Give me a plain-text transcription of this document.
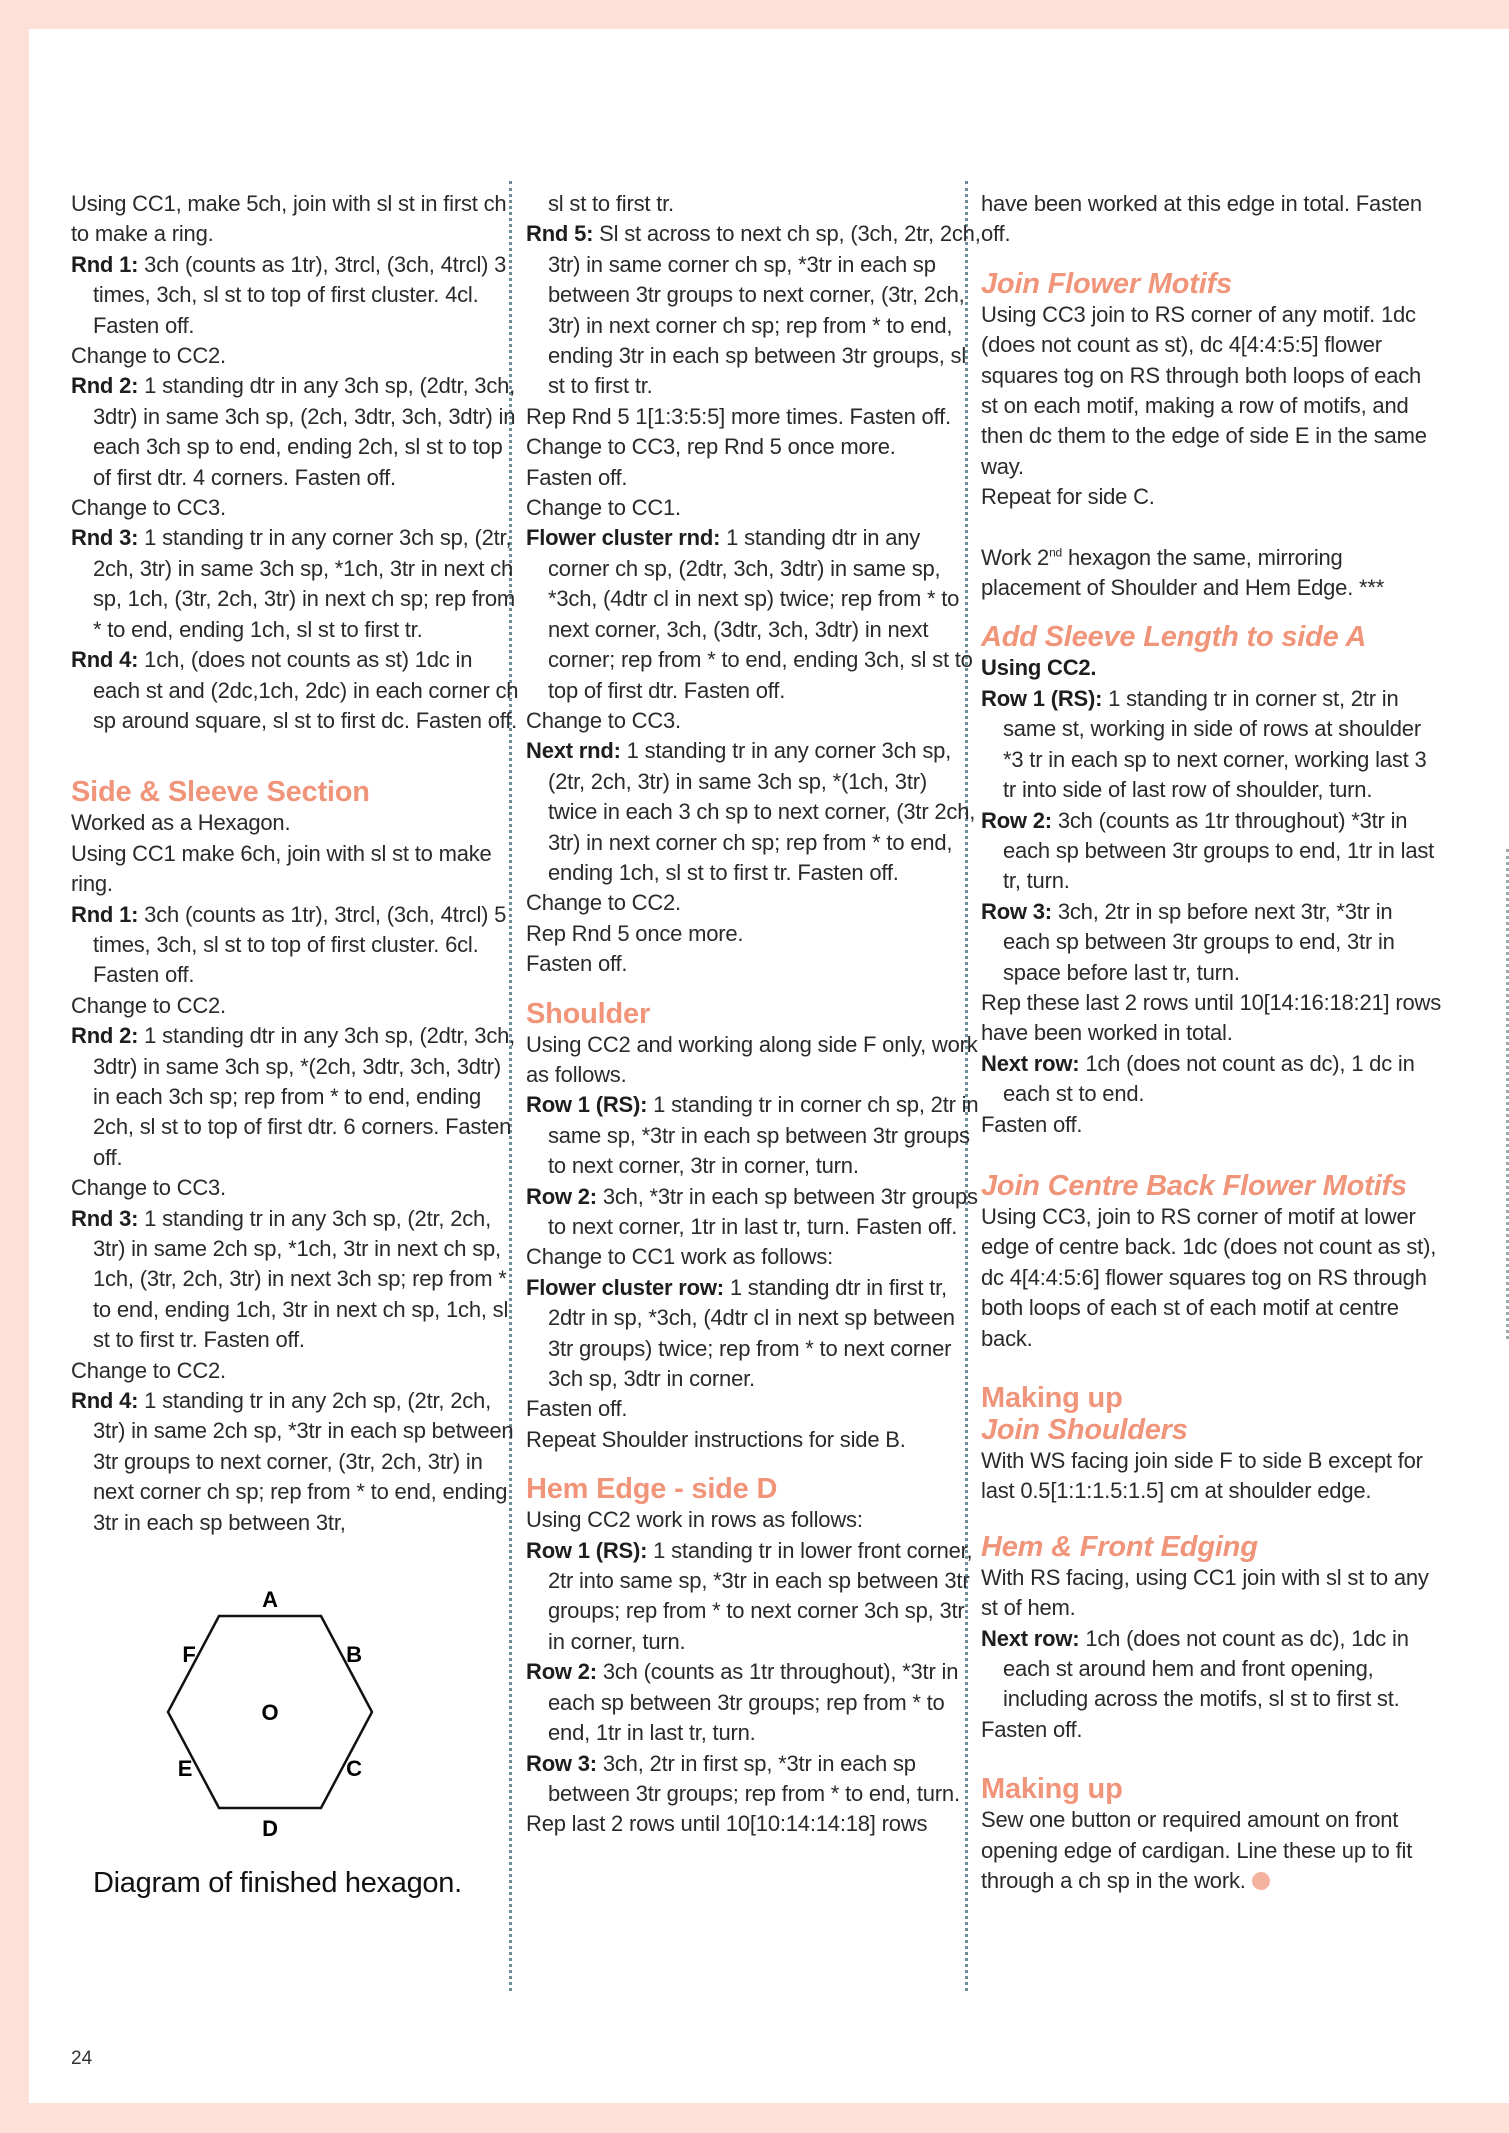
Using CC1, make 5ch, join with sl st in first ch to make a ring.

Rnd 1: 3ch (counts as 1tr), 3trcl, (3ch, 4trcl) 3 times, 3ch, sl st to top of first cluster. 4cl. Fasten off.

Change to CC2.

Rnd 2: 1 standing dtr in any 3ch sp, (2dtr, 3ch, 3dtr) in same 3ch sp, (2ch, 3dtr, 3ch, 3dtr) in each 3ch sp to end, ending 2ch, sl st to top of first dtr. 4 corners. Fasten off.

Change to CC3.

Rnd 3: 1 standing tr in any corner 3ch sp, (2tr, 2ch, 3tr) in same 3ch sp, *1ch, 3tr in next ch sp, 1ch, (3tr, 2ch, 3tr) in next ch sp; rep from * to end, ending 1ch, sl st to first tr.

Rnd 4: 1ch, (does not counts as st) 1dc in each st and (2dc,1ch, 2dc) in each corner ch sp around square, sl st to first dc. Fasten off.

Side & Sleeve Section

Worked as a Hexagon.

Using CC1 make 6ch, join with sl st to make ring.

Rnd 1: 3ch (counts as 1tr), 3trcl, (3ch, 4trcl) 5 times, 3ch, sl st to top of first cluster. 6cl. Fasten off.

Change to CC2.

Rnd 2: 1 standing dtr in any 3ch sp, (2dtr, 3ch, 3dtr) in same 3ch sp, *(2ch, 3dtr, 3ch, 3dtr) in each 3ch sp; rep from * to end, ending 2ch, sl st to top of first dtr. 6 corners. Fasten off.

Change to CC3.

Rnd 3: 1 standing tr in any 3ch sp, (2tr, 2ch, 3tr) in same 2ch sp, *1ch, 3tr in next ch sp, 1ch, (3tr, 2ch, 3tr) in next 3ch sp; rep from * to end, ending 1ch, 3tr in next ch sp, 1ch, sl st to first tr. Fasten off.

Change to CC2.

Rnd 4: 1 standing tr in any 2ch sp, (2tr, 2ch, 3tr) in same 2ch sp, *3tr in each sp between 3tr groups to next corner, (3tr, 2ch, 3tr) in next corner ch sp; rep from * to end, ending 3tr in each sp between 3tr,

A
B
C
D
E
F
O
Diagram of finished hexagon.

sl st to first tr.

Rnd 5: Sl st across to next ch sp, (3ch, 2tr, 2ch, 3tr) in same corner ch sp, *3tr in each sp between 3tr groups to next corner, (3tr, 2ch, 3tr) in next corner ch sp; rep from * to end, ending 3tr in each sp between 3tr groups, sl st to first tr.

Rep Rnd 5 1[1:3:5:5] more times. Fasten off.

Change to CC3, rep Rnd 5 once more.

Fasten off.

Change to CC1.

Flower cluster rnd: 1 standing dtr in any corner ch sp, (2dtr, 3ch, 3dtr) in same sp, *3ch, (4dtr cl in next sp) twice; rep from * to next corner, 3ch, (3dtr, 3ch, 3dtr) in next corner; rep from * to end, ending 3ch, sl st to top of first dtr. Fasten off.

Change to CC3.

Next rnd: 1 standing tr in any corner 3ch sp, (2tr, 2ch, 3tr) in same 3ch sp, *(1ch, 3tr) twice in each 3 ch sp to next corner, (3tr 2ch, 3tr) in next corner ch sp; rep from * to end, ending 1ch, sl st to first tr. Fasten off.

Change to CC2.

Rep Rnd 5 once more.

Fasten off.

Shoulder

Using CC2 and working along side F only, work as follows.

Row 1 (RS): 1 standing tr in corner ch sp, 2tr in same sp, *3tr in each sp between 3tr groups to next corner, 3tr in corner, turn.

Row 2: 3ch, *3tr in each sp between 3tr groups to next corner, 1tr in last tr, turn. Fasten off.

Change to CC1 work as follows:

Flower cluster row: 1 standing dtr in first tr, 2dtr in sp, *3ch, (4dtr cl in next sp between 3tr groups) twice; rep from * to next corner 3ch sp, 3dtr in corner.

Fasten off.

Repeat Shoulder instructions for side B.

Hem Edge - side D

Using CC2 work in rows as follows:

Row 1 (RS): 1 standing tr in lower front corner, 2tr into same sp, *3tr in each sp between 3tr groups; rep from * to next corner 3ch sp, 3tr in corner, turn.

Row 2: 3ch (counts as 1tr throughout), *3tr in each sp between 3tr groups; rep from * to end, 1tr in last tr, turn.

Row 3: 3ch, 2tr in first sp, *3tr in each sp between 3tr groups; rep from * to end, turn.

Rep last 2 rows until 10[10:14:14:18] rows

have been worked at this edge in total. Fasten off.

Join Flower Motifs

Using CC3 join to RS corner of any motif. 1dc (does not count as st), dc 4[4:4:5:5] flower squares tog on RS through both loops of each st on each motif, making a row of motifs, and then dc them to the edge of side E in the same way.

Repeat for side C.

Work 2nd hexagon the same, mirroring placement of Shoulder and Hem Edge. ***

Add Sleeve Length to side A

Using CC2.

Row 1 (RS): 1 standing tr in corner st, 2tr in same st, working in side of rows at shoulder *3 tr in each sp to next corner, working last 3 tr into side of last row of shoulder, turn.

Row 2: 3ch (counts as 1tr throughout) *3tr in each sp between 3tr groups to end, 1tr in last tr, turn.

Row 3: 3ch, 2tr in sp before next 3tr, *3tr in each sp between 3tr groups to end, 3tr in space before last tr, turn.

Rep these last 2 rows until 10[14:16:18:21] rows have been worked in total.

Next row: 1ch (does not count as dc), 1 dc in each st to end.

Fasten off.

Join Centre Back Flower Motifs

Using CC3, join to RS corner of motif at lower edge of centre back. 1dc (does not count as st), dc 4[4:4:5:6] flower squares tog on RS through both loops of each st of each motif at centre back.

Making up
Join Shoulders

With WS facing join side F to side B except for last 0.5[1:1:1.5:1.5] cm at shoulder edge.

Hem & Front Edging

With RS facing, using CC1 join with sl st to any st of hem.

Next row: 1ch (does not count as dc), 1dc in each st around hem and front opening, including across the motifs, sl st to first st.

Fasten off.

Making up

Sew one button or required amount on front opening edge of cardigan. Line these up to fit through a ch sp in the work.

24
